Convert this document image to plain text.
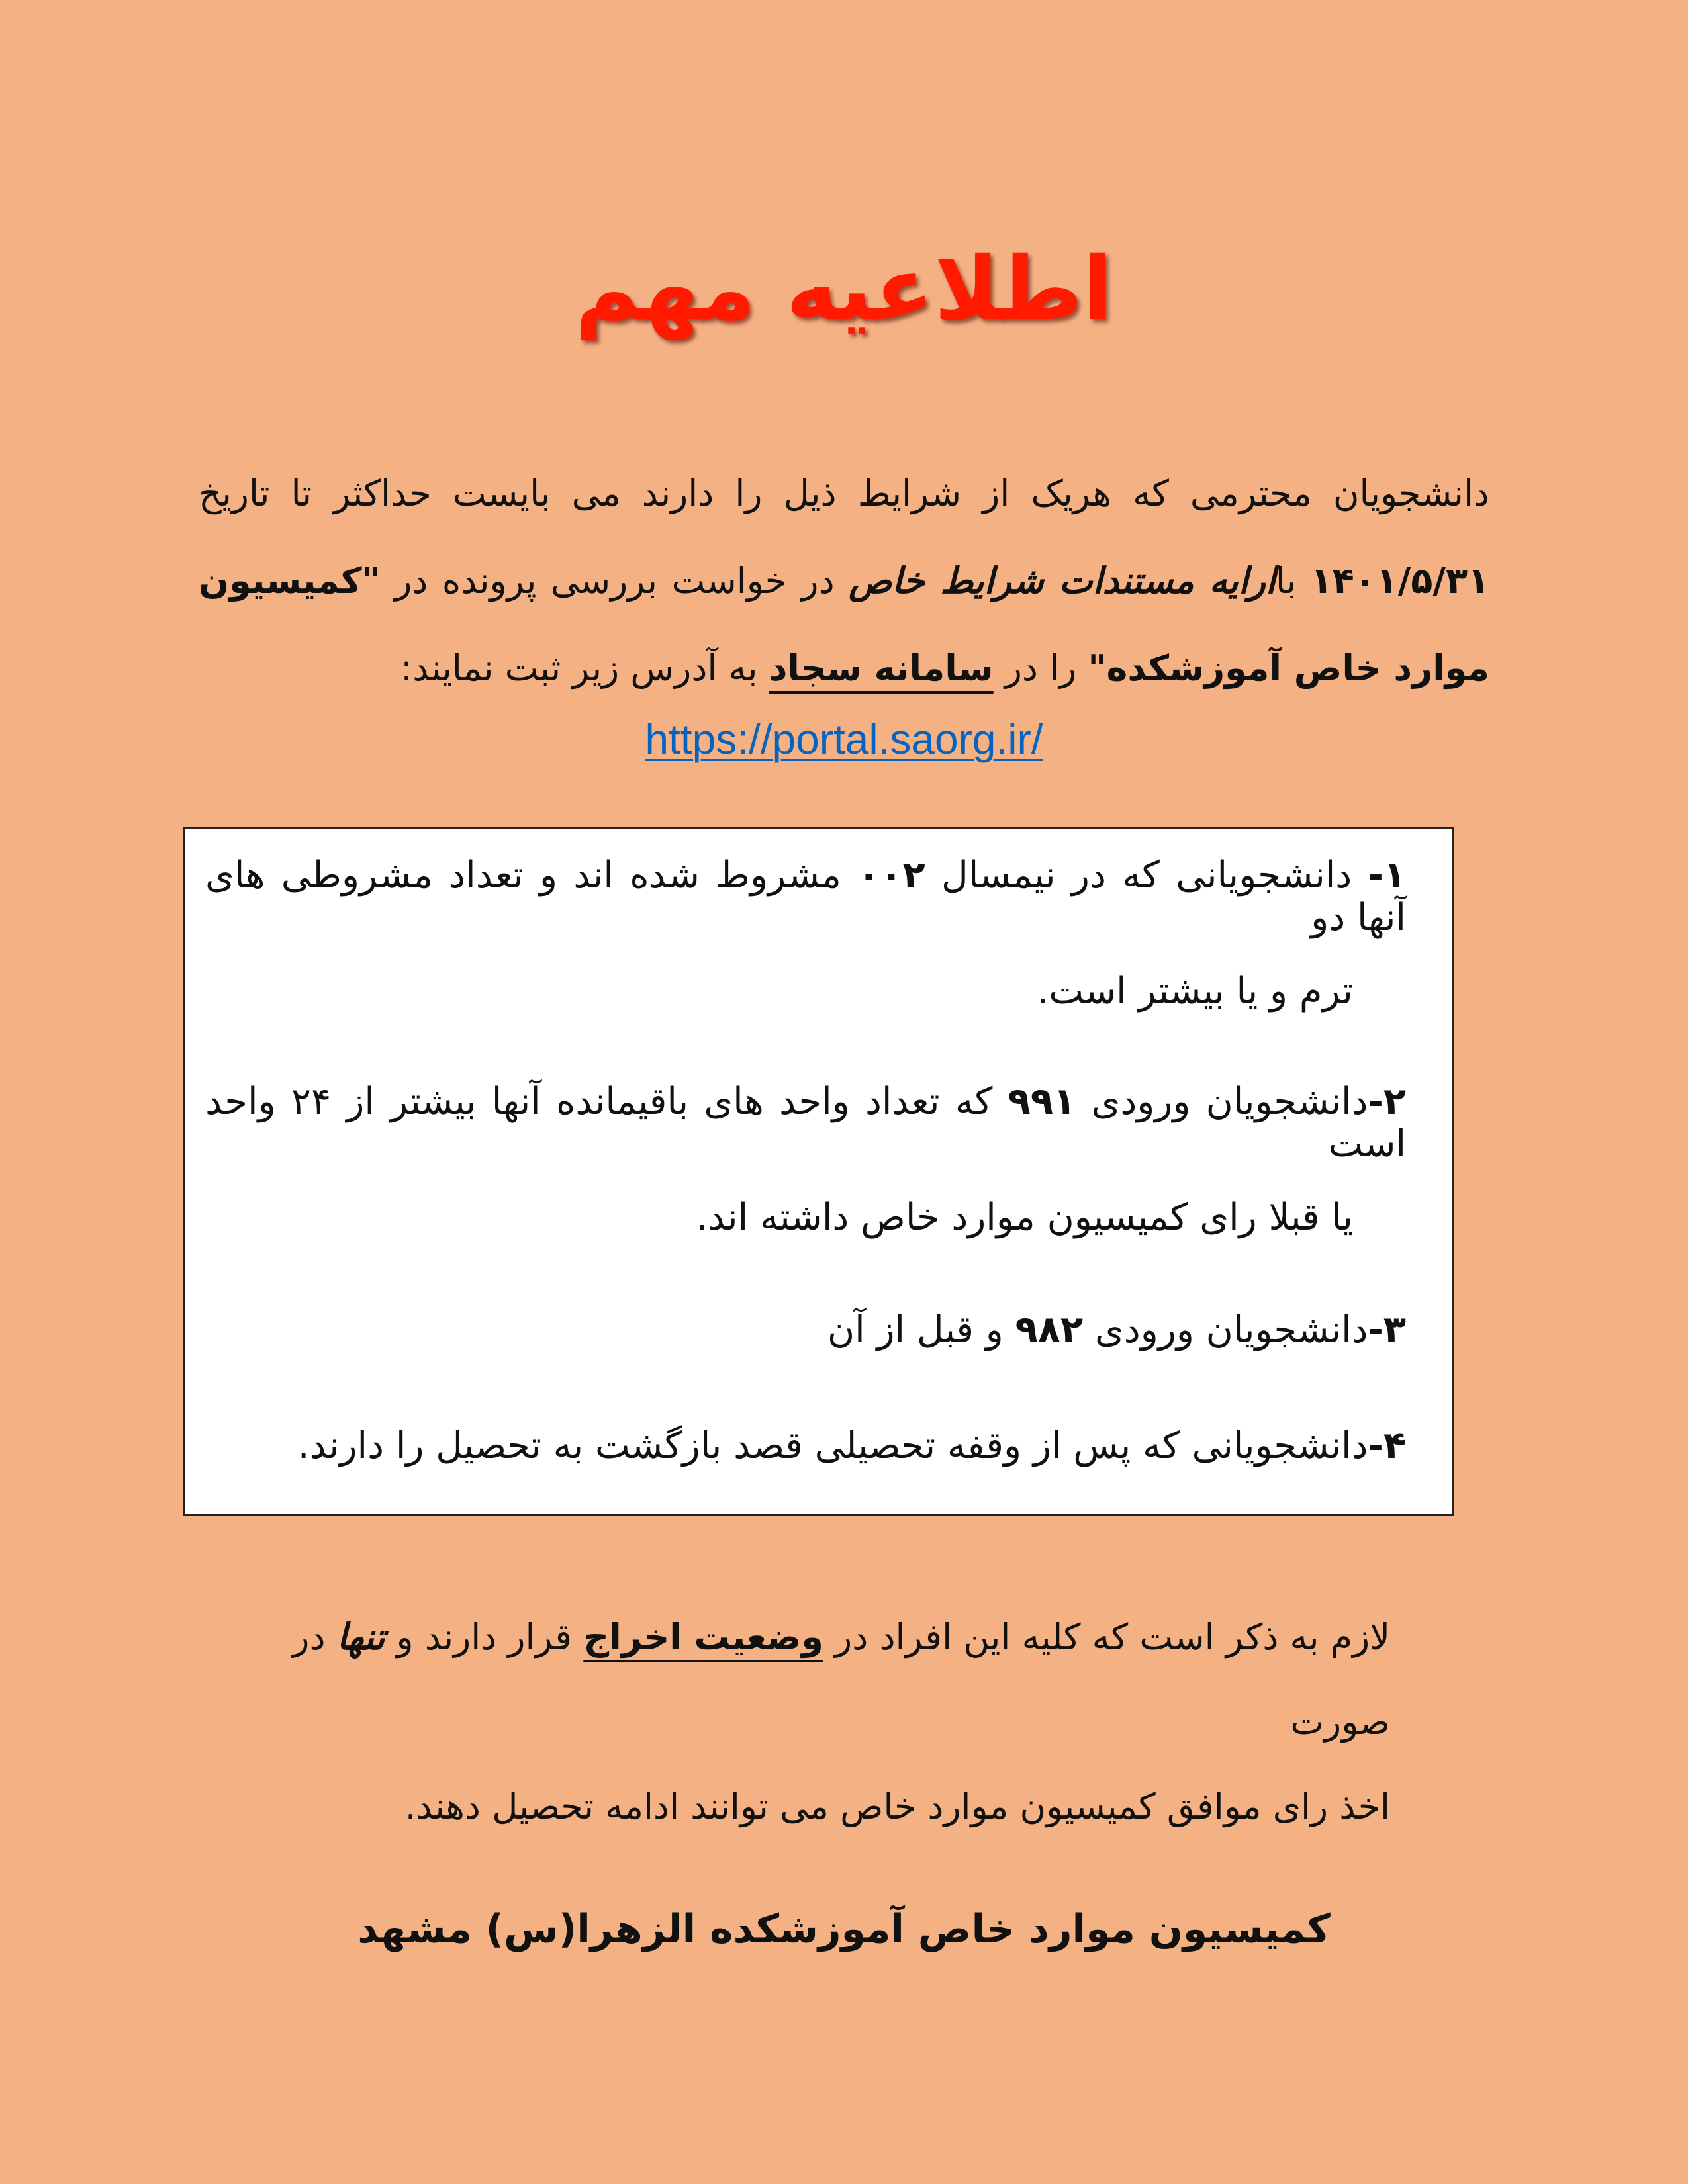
اطلاعیه مهم
دانشجویان محترمی که هریک از شرایط ذیل را دارند می بایست حداکثر تا تاریخ ۱۴۰۱/۵/۳۱ باارایه مستندات شرایط خاص در خواست بررسی پرونده در "کمیسیون موارد خاص آموزشکده" را در سامانه سجاد به آدرس زیر ثبت نمایند:
https://portal.saorg.ir/
۱- دانشجویانی که در نیمسال ۰۰۲ مشروط شده اند و تعداد مشروطی های آنها دو
ترم و یا بیشتر است.
۲-دانشجویان ورودی ۹۹۱ که تعداد واحد های باقیمانده آنها بیشتر از ۲۴ واحد است
یا قبلا رای کمیسیون موارد خاص داشته اند.
۳-دانشجویان ورودی ۹۸۲ و قبل از آن
۴-دانشجویانی که پس از وقفه تحصیلی قصد بازگشت به تحصیل را دارند.
لازم به ذکر است که کلیه این افراد در وضعیت اخراج قرار دارند و تنها در صورت
اخذ رای موافق کمیسیون موارد خاص می توانند ادامه تحصیل دهند.
کمیسیون موارد خاص آموزشکده الزهرا(س) مشهد
